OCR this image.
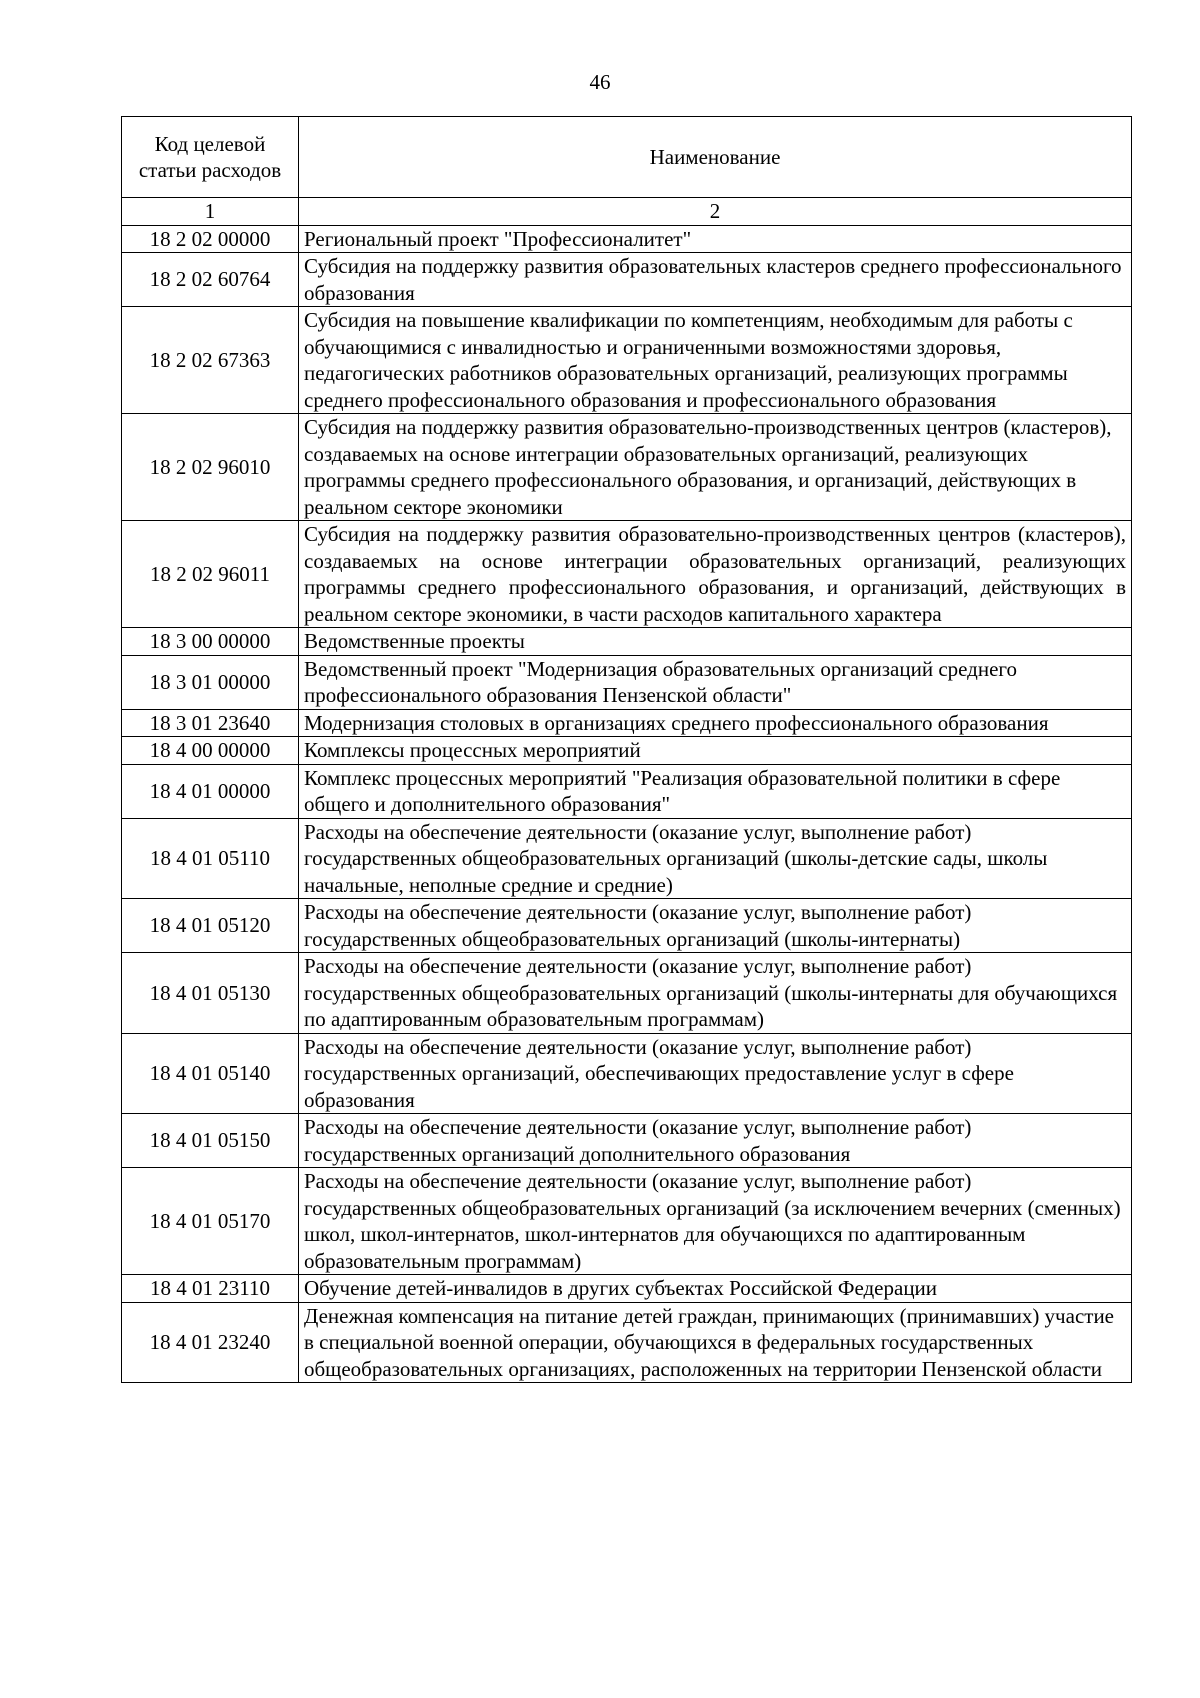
46
Код целевой статьи расходов	Наименование
1	2
18 2 02 00000	Региональный проект "Профессионалитет"
18 2 02 60764	Субсидия на поддержку развития образовательных кластеров среднего профессионального образования
18 2 02 67363	Субсидия на повышение квалификации по компетенциям, необходимым для работы с обучающимися с инвалидностью и ограниченными возможностями здоровья, педагогических работников образовательных организаций, реализующих программы среднего профессионального образования и профессионального образования
18 2 02 96010	Субсидия на поддержку развития образовательно-производственных центров (кластеров), создаваемых на основе интеграции образовательных организаций, реализующих программы среднего профессионального образования, и организаций, действующих в реальном секторе экономики
18 2 02 96011	Субсидия на поддержку развития образовательно-производственных центров (кластеров), создаваемых на основе интеграции образовательных организаций, реализующих программы среднего профессионального образования, и организаций, действующих в реальном секторе экономики, в части расходов капитального характера
18 3 00 00000	Ведомственные проекты
18 3 01 00000	Ведомственный проект "Модернизация образовательных организаций среднего профессионального образования Пензенской области"
18 3 01 23640	Модернизация столовых в организациях среднего профессионального образования
18 4 00 00000	Комплексы процессных мероприятий
18 4 01 00000	Комплекс процессных мероприятий "Реализация образовательной политики в сфере общего и дополнительного образования"
18 4 01 05110	Расходы на обеспечение деятельности (оказание услуг, выполнение работ) государственных общеобразовательных организаций (школы-детские сады, школы начальные, неполные средние и средние)
18 4 01 05120	Расходы на обеспечение деятельности (оказание услуг, выполнение работ) государственных общеобразовательных организаций (школы-интернаты)
18 4 01 05130	Расходы на обеспечение деятельности (оказание услуг, выполнение работ) государственных общеобразовательных организаций (школы-интернаты для обучающихся по адаптированным образовательным программам)
18 4 01 05140	Расходы на обеспечение деятельности (оказание услуг, выполнение работ) государственных организаций, обеспечивающих предоставление услуг в сфере образования
18 4 01 05150	Расходы на обеспечение деятельности (оказание услуг, выполнение работ) государственных организаций дополнительного образования
18 4 01 05170	Расходы на обеспечение деятельности (оказание услуг, выполнение работ) государственных общеобразовательных организаций (за исключением вечерних (сменных) школ, школ-интернатов, школ-интернатов для обучающихся по адаптированным образовательным программам)
18 4 01 23110	Обучение детей-инвалидов в других субъектах Российской Федерации
18 4 01 23240	Денежная компенсация на питание детей граждан, принимающих (принимавших) участие в специальной военной операции, обучающихся в федеральных государственных общеобразовательных организациях, расположенных на территории Пензенской области
